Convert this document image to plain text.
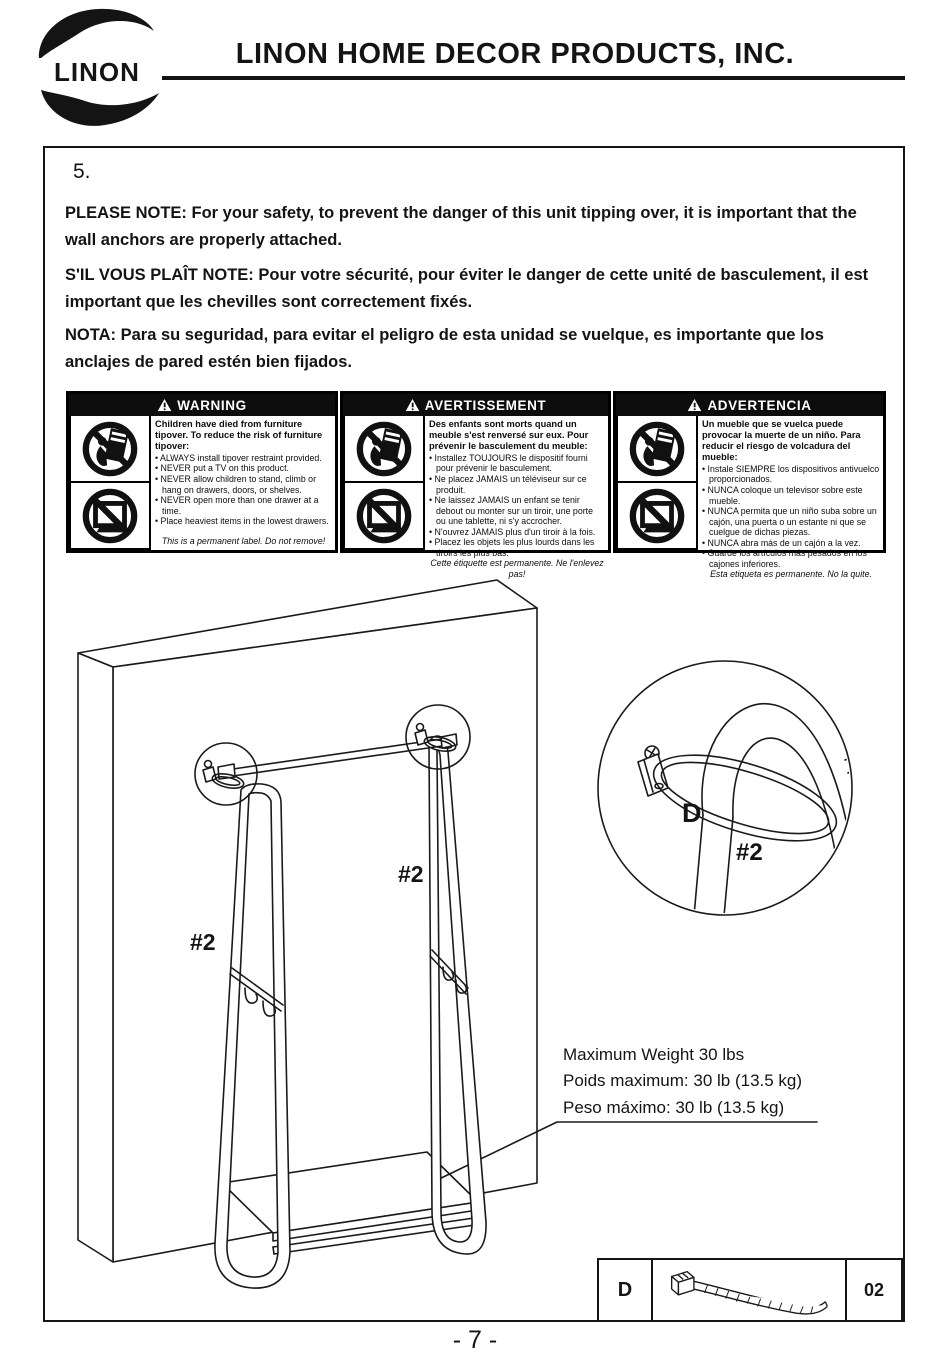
LINON
LINON HOME DECOR PRODUCTS, INC.
5.
PLEASE NOTE: For your safety, to prevent the danger of this unit tipping over, it is important that the wall anchors are properly attached.
S'IL VOUS PLAÎT NOTE: Pour votre sécurité, pour éviter le danger de cette unité de basculement, il est important que les chevilles sont correctement fixés.
NOTA: Para su seguridad, para evitar el peligro de esta unidad se vuelque, es importante que los anclajes de pared estén bien fijados.
WARNING
Children have died from furniture tipover. To reduce the risk of furniture tipover:
• ALWAYS install tipover restraint provided.
• NEVER put a TV on this product.
• NEVER allow children to stand, climb or hang on drawers, doors, or shelves.
• NEVER open more than one drawer at a time.
• Place heaviest items in the lowest drawers.
This is a permanent label. Do not remove!
AVERTISSEMENT
Des enfants sont morts quand un meuble s'est renversé sur eux. Pour prévenir le basculement du meuble:
• Installez TOUJOURS le dispositif fourni pour prévenir le basculement.
• Ne placez JAMAIS un téléviseur sur ce produit.
• Ne laissez JAMAIS un enfant se tenir debout ou monter sur un tiroir, une porte ou une tablette, ni s'y accrocher.
• N'ouvrez JAMAIS plus d'un tiroir à la fois.
• Placez les objets les plus lourds dans les tiroirs les plus bas.
Cette étiquette est permanente. Ne l'enlevez pas!
ADVERTENCIA
Un mueble que se vuelca puede provocar la muerte de un niño. Para reducir el riesgo de volcadura del mueble:
• Instale SIEMPRE los dispositivos antivuelco proporcionados.
• NUNCA coloque un televisor sobre este mueble.
• NUNCA permita que un niño suba sobre un cajón, una puerta o un estante ni que se cuelgue de dichas piezas.
• NUNCA abra más de un cajón a la vez.
• Guarde los artículos más pesados en los cajones inferiores.
Esta etiqueta es permanente. No la quite.
#2
#2
D
#2
Maximum Weight 30 lbs
Poids maximum: 30 lb (13.5 kg)
Peso máximo: 30 lb (13.5 kg)
D	02
- 7 -
